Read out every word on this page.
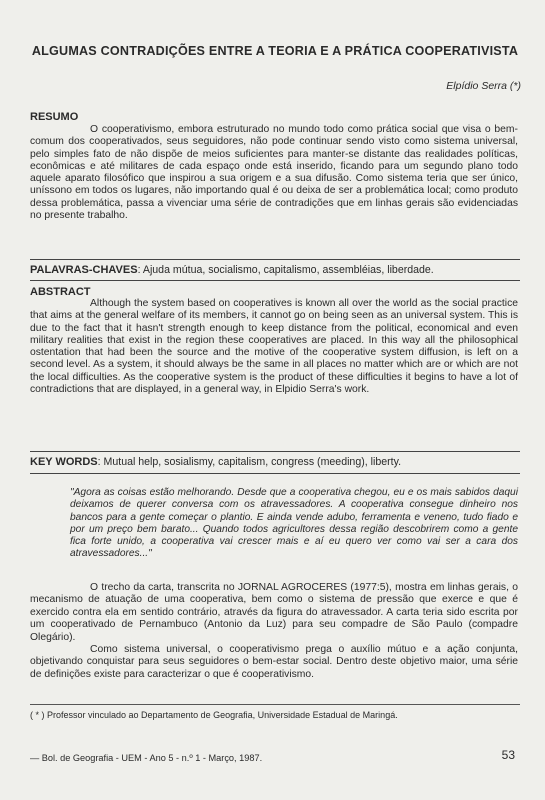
ALGUMAS CONTRADIÇÕES ENTRE A TEORIA E A PRÁTICA COOPERATIVISTA
Elpídio Serra (*)
RESUMO
O cooperativismo, embora estruturado no mundo todo como prática social que visa o bem-comum dos cooperativados, seus seguidores, não pode continuar sendo visto como sistema universal, pelo simples fato de não dispõe de meios suficientes para manter-se distante das realidades políticas, econômicas e até militares de cada espaço onde está inserido, ficando para um segundo plano todo aquele aparato filosófico que inspirou a sua origem e a sua difusão. Como sistema teria que ser único, uníssono em todos os lugares, não importando qual é ou deixa de ser a problemática local; como produto dessa problemática, passa a vivenciar uma série de contradições que em linhas gerais são evidenciadas no presente trabalho.
PALAVRAS-CHAVES: Ajuda mútua, socialismo, capitalismo, assembléias, liberdade.
ABSTRACT
Although the system based on cooperatives is known all over the world as the social practice that aims at the general welfare of its members, it cannot go on being seen as an universal system. This is due to the fact that it hasn't strength enough to keep distance from the political, economical and even military realities that exist in the region these cooperatives are placed. In this way all the philosophical ostentation that had been the source and the motive of the cooperative system diffusion, is left on a second level. As a system, it should always be the same in all places no matter which are or which are not the local difficulties. As the cooperative system is the product of these difficulties it begins to have a lot of contradictions that are displayed, in a general way, in Elpidio Serra's work.
KEY WORDS: Mutual help, sosialismy, capitalism, congress (meeding), liberty.
"Agora as coisas estão melhorando. Desde que a cooperativa chegou, eu e os mais sabidos daqui deixamos de querer conversa com os atravessadores. A cooperativa consegue dinheiro nos bancos para a gente começar o plantio. E ainda vende adubo, ferramenta e veneno, tudo fiado e por um preço bem barato... Quando todos agricultores dessa região descobrirem como a gente fica forte unido, a cooperativa vai crescer mais e aí eu quero ver como vai ser a cara dos atravessadores..."

O trecho da carta, transcrita no JORNAL AGROCERES (1977:5), mostra em linhas gerais, o mecanismo de atuação de uma cooperativa, bem como o sistema de pressão que exerce e que é exercido contra ela em sentido contrário, através da figura do atravessador. A carta teria sido escrita por um cooperativado de Pernambuco (Antonio da Luz) para seu compadre de São Paulo (compadre Olegário).

Como sistema universal, o cooperativismo prega o auxílio mútuo e a ação conjunta, objetivando conquistar para seus seguidores o bem-estar social. Dentro deste objetivo maior, uma série de definições existe para caracterizar o que é cooperativismo.

( * ) Professor vinculado ao Departamento de Geografia, Universidade Estadual de Maringá.
— Bol. de Geografia - UEM - Ano 5 - n.º 1 - Março, 1987.	53
